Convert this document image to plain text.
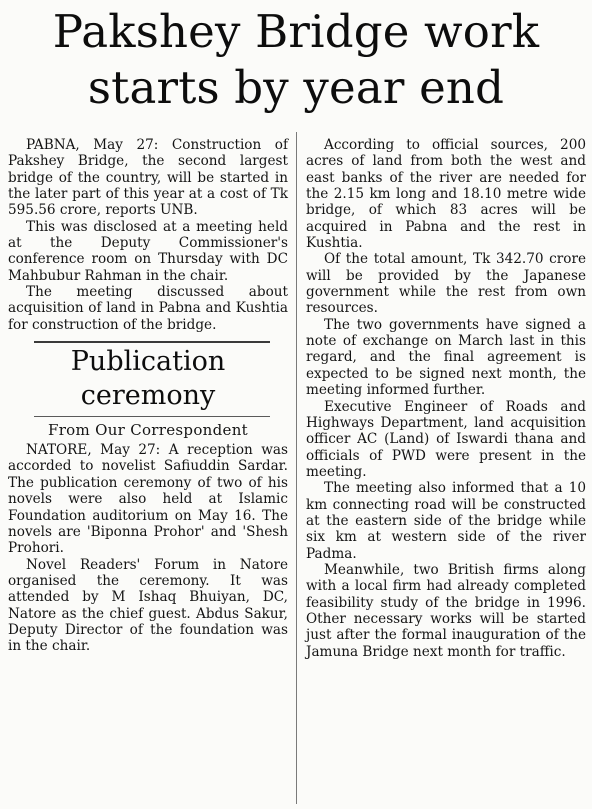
Pakshey Bridge work
starts by year end

PABNA, May 27: Construction of Pakshey Bridge, the second largest bridge of the country, will be started in the later part of this year at a cost of Tk 595.56 crore, reports UNB.

This was disclosed at a meeting held at the Deputy Commissioner's conference room on Thursday with DC Mahbubur Rahman in the chair.

The meeting discussed about acquisition of land in Pabna and Kushtia for construction of the bridge.

Publication ceremony
From Our Correspondent

NATORE, May 27: A reception was accorded to novelist Safiuddin Sardar. The publication ceremony of two of his novels were also held at Islamic Foundation auditorium on May 16. The novels are 'Biponna Prohor' and 'Shesh Prohori.

Novel Readers' Forum in Natore organised the ceremony. It was attended by M Ishaq Bhuiyan, DC, Natore as the chief guest. Abdus Sakur, Deputy Director of the foundation was in the chair.

According to official sources, 200 acres of land from both the west and east banks of the river are needed for the 2.15 km long and 18.10 metre wide bridge, of which 83 acres will be acquired in Pabna and the rest in Kushtia.

Of the total amount, Tk 342.70 crore will be provided by the Japanese government while the rest from own resources.

The two governments have signed a note of exchange on March last in this regard, and the final agreement is expected to be signed next month, the meeting informed further.

Executive Engineer of Roads and Highways Department, land acquisition officer AC (Land) of Iswardi thana and officials of PWD were present in the meeting.

The meeting also informed that a 10 km connecting road will be constructed at the eastern side of the bridge while six km at western side of the river Padma.

Meanwhile, two British firms along with a local firm had already completed feasibility study of the bridge in 1996. Other necessary works will be started just after the formal inauguration of the Jamuna Bridge next month for traffic.
